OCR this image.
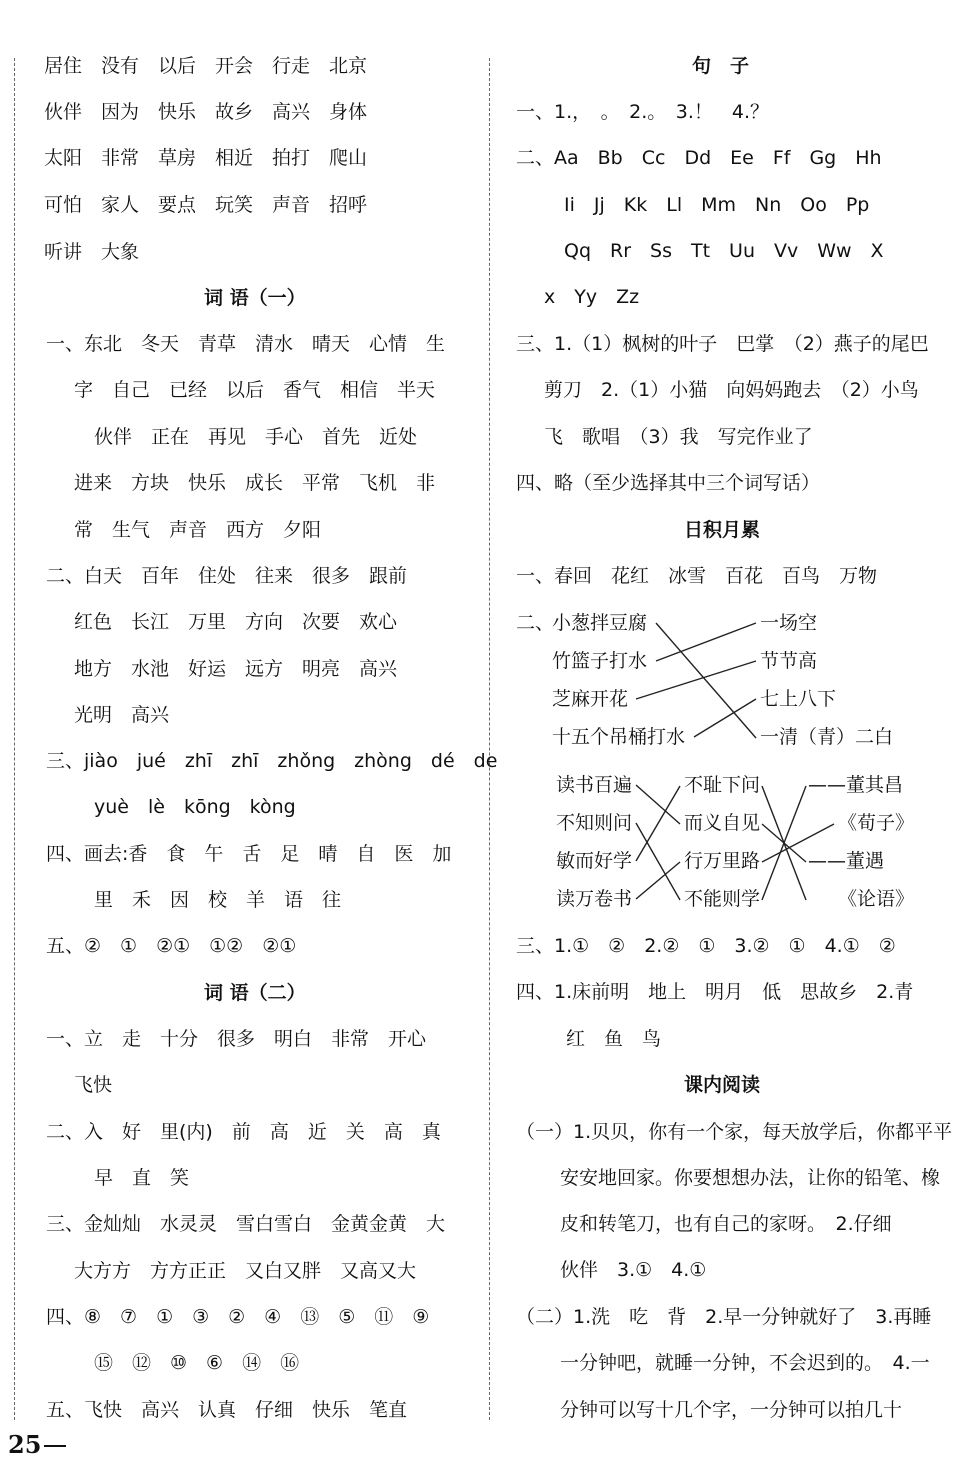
居住　没有　以后　开会　行走　北京
伙伴　因为　快乐　故乡　高兴　身体
太阳　非常　草房　相近　拍打　爬山
可怕　家人　要点　玩笑　声音　招呼
听讲　大象
词 语（一）
一、东北　冬天　青草　清水　晴天　心情　生
字　自己　已经　以后　香气　相信　半天
伙伴　正在　再见　手心　首先　近处
进来　方块　快乐　成长　平常　飞机　非
常　生气　声音　西方　夕阳
二、白天　百年　住处　往来　很多　跟前
红色　长江　万里　方向　次要　欢心
地方　水池　好运　远方　明亮　高兴
光明　高兴
三、jiào　jué　zhī　zhī　zhǒng　zhòng　dé　de
yuè　lè　kōng　kòng
四、画去:香　食　午　舌　足　晴　自　医　加
里　禾　因　校　羊　语　往
五、②　①　②①　①②　②①
词 语（二）
一、立　走　十分　很多　明白　非常　开心
飞快
二、入　好　里(内)　前　高　近　关　高　真
早　直　笑
三、金灿灿　水灵灵　雪白雪白　金黄金黄　大
大方方　方方正正　又白又胖　又高又大
四、⑧　⑦　①　③　②　④　⑬　⑤　⑪　⑨
⑮　⑫　⑩　⑥　⑭　⑯
五、飞快　高兴　认真　仔细　快乐　笔直
句　子
一、1.，　。　2.。　3.！　4.？
二、Aa　Bb　Cc　Dd　Ee　Ff　Gg　Hh
Ii　Jj　Kk　Ll　Mm　Nn　Oo　Pp
Qq　Rr　Ss　Tt　Uu　Vv　Ww　X
x　Yy　Zz
三、1.（1）枫树的叶子　巴掌　（2）燕子的尾巴
剪刀　2.（1）小猫　向妈妈跑去　（2）小鸟
飞　歌唱　（3）我　写完作业了
四、略（至少选择其中三个词写话）
日积月累
一、春回　花红　冰雪　百花　百鸟　万物
二、
小葱拌豆腐
竹篮子打水
芝麻开花
十五个吊桶打水
一场空
节节高
七上八下
一清（青）二白
读书百遍
不知则问
敏而好学
读万卷书
不耻下问
而义自见
行万里路
不能则学
——董其昌
《荀子》
——董遇
《论语》
三、1.①　②　2.②　①　3.②　①　4.①　②
四、1.床前明　地上　明月　低　思故乡　2.青
红　鱼　鸟
课内阅读
（一）1.贝贝，你有一个家，每天放学后，你都平平
安安地回家。你要想想办法，让你的铅笔、橡
皮和转笔刀，也有自己的家呀。　2.仔细
伙伴　3.①　4.①
（二）1.洗　吃　背　2.早一分钟就好了　3.再睡
一分钟吧，就睡一分钟，不会迟到的。　4.一
分钟可以写十几个字，一分钟可以拍几十
25
